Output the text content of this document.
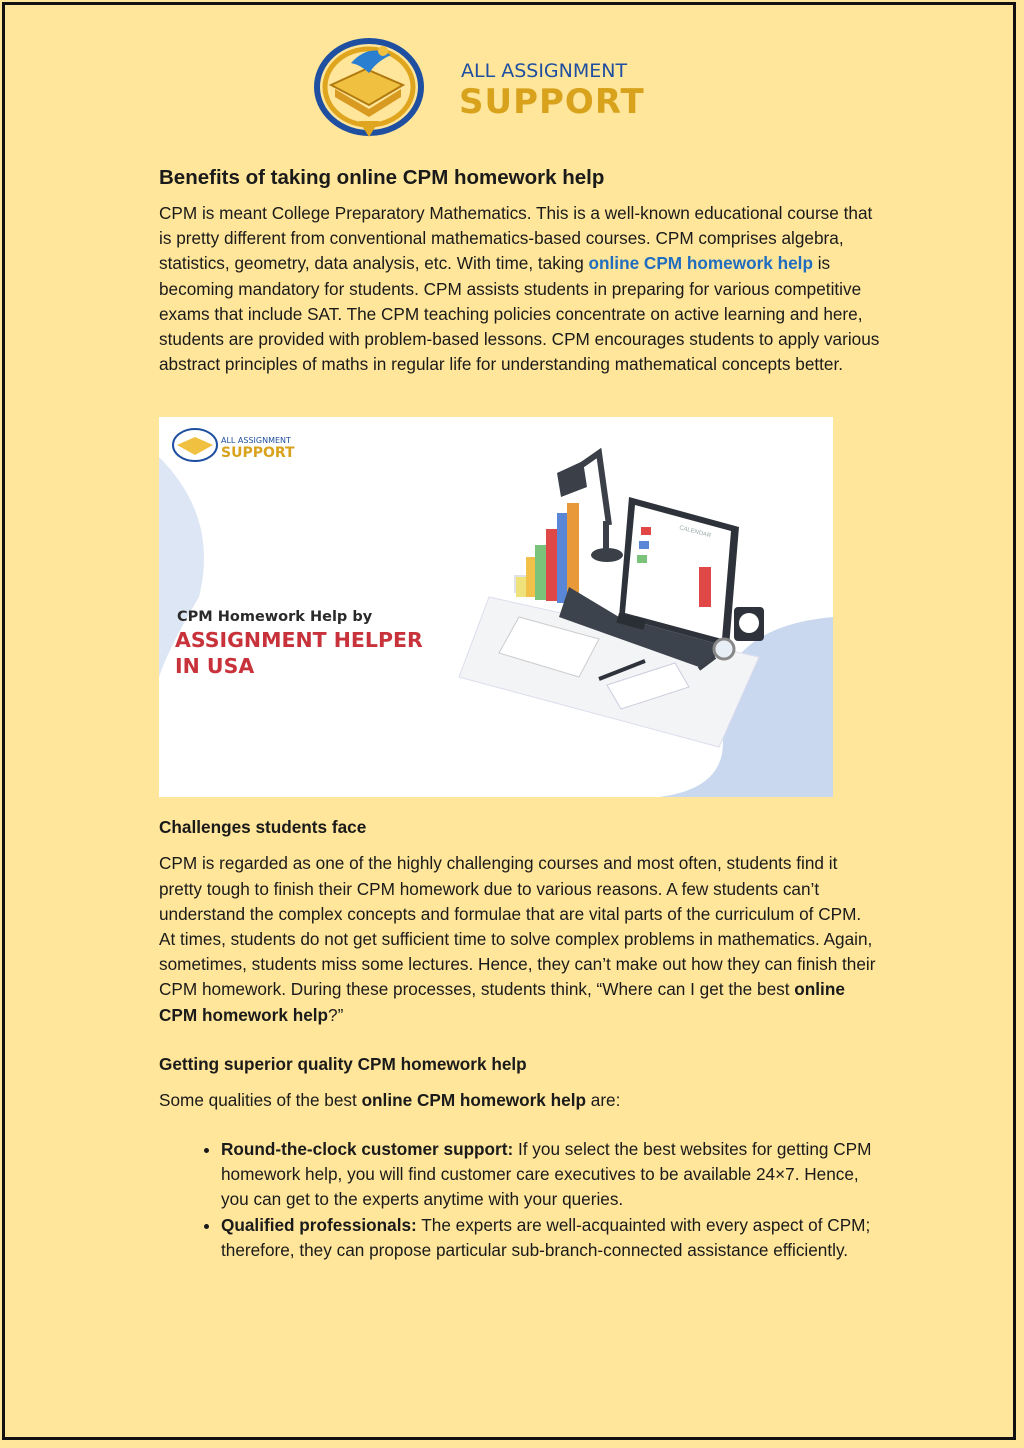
ALL ASSIGNMENT
SUPPORT
Benefits of taking online CPM homework help

CPM is meant College Preparatory Mathematics. This is a well-known educational course that is pretty different from conventional mathematics-based courses. CPM comprises algebra, statistics, geometry, data analysis, etc. With time, taking online CPM homework help is becoming mandatory for students. CPM assists students in preparing for various competitive exams that include SAT. The CPM teaching policies concentrate on active learning and here, students are provided with problem-based lessons. CPM encourages students to apply various abstract principles of maths in regular life for understanding mathematical concepts better.

CALENDAR
ALL ASSIGNMENT
SUPPORT
CPM Homework Help by
ASSIGNMENT HELPER
IN USA
Challenges students face

CPM is regarded as one of the highly challenging courses and most often, students find it pretty tough to finish their CPM homework due to various reasons. A few students can’t understand the complex concepts and formulae that are vital parts of the curriculum of CPM. At times, students do not get sufficient time to solve complex problems in mathematics. Again, sometimes, students miss some lectures. Hence, they can’t make out how they can finish their CPM homework. During these processes, students think, “Where can I get the best online CPM homework help?”

Getting superior quality CPM homework help

Some qualities of the best online CPM homework help are:

• Round-the-clock customer support: If you select the best websites for getting CPM homework help, you will find customer care executives to be available 24×7. Hence, you can get to the experts anytime with your queries.
• Qualified professionals: The experts are well-acquainted with every aspect of CPM; therefore, they can propose particular sub-branch-connected assistance efficiently.
